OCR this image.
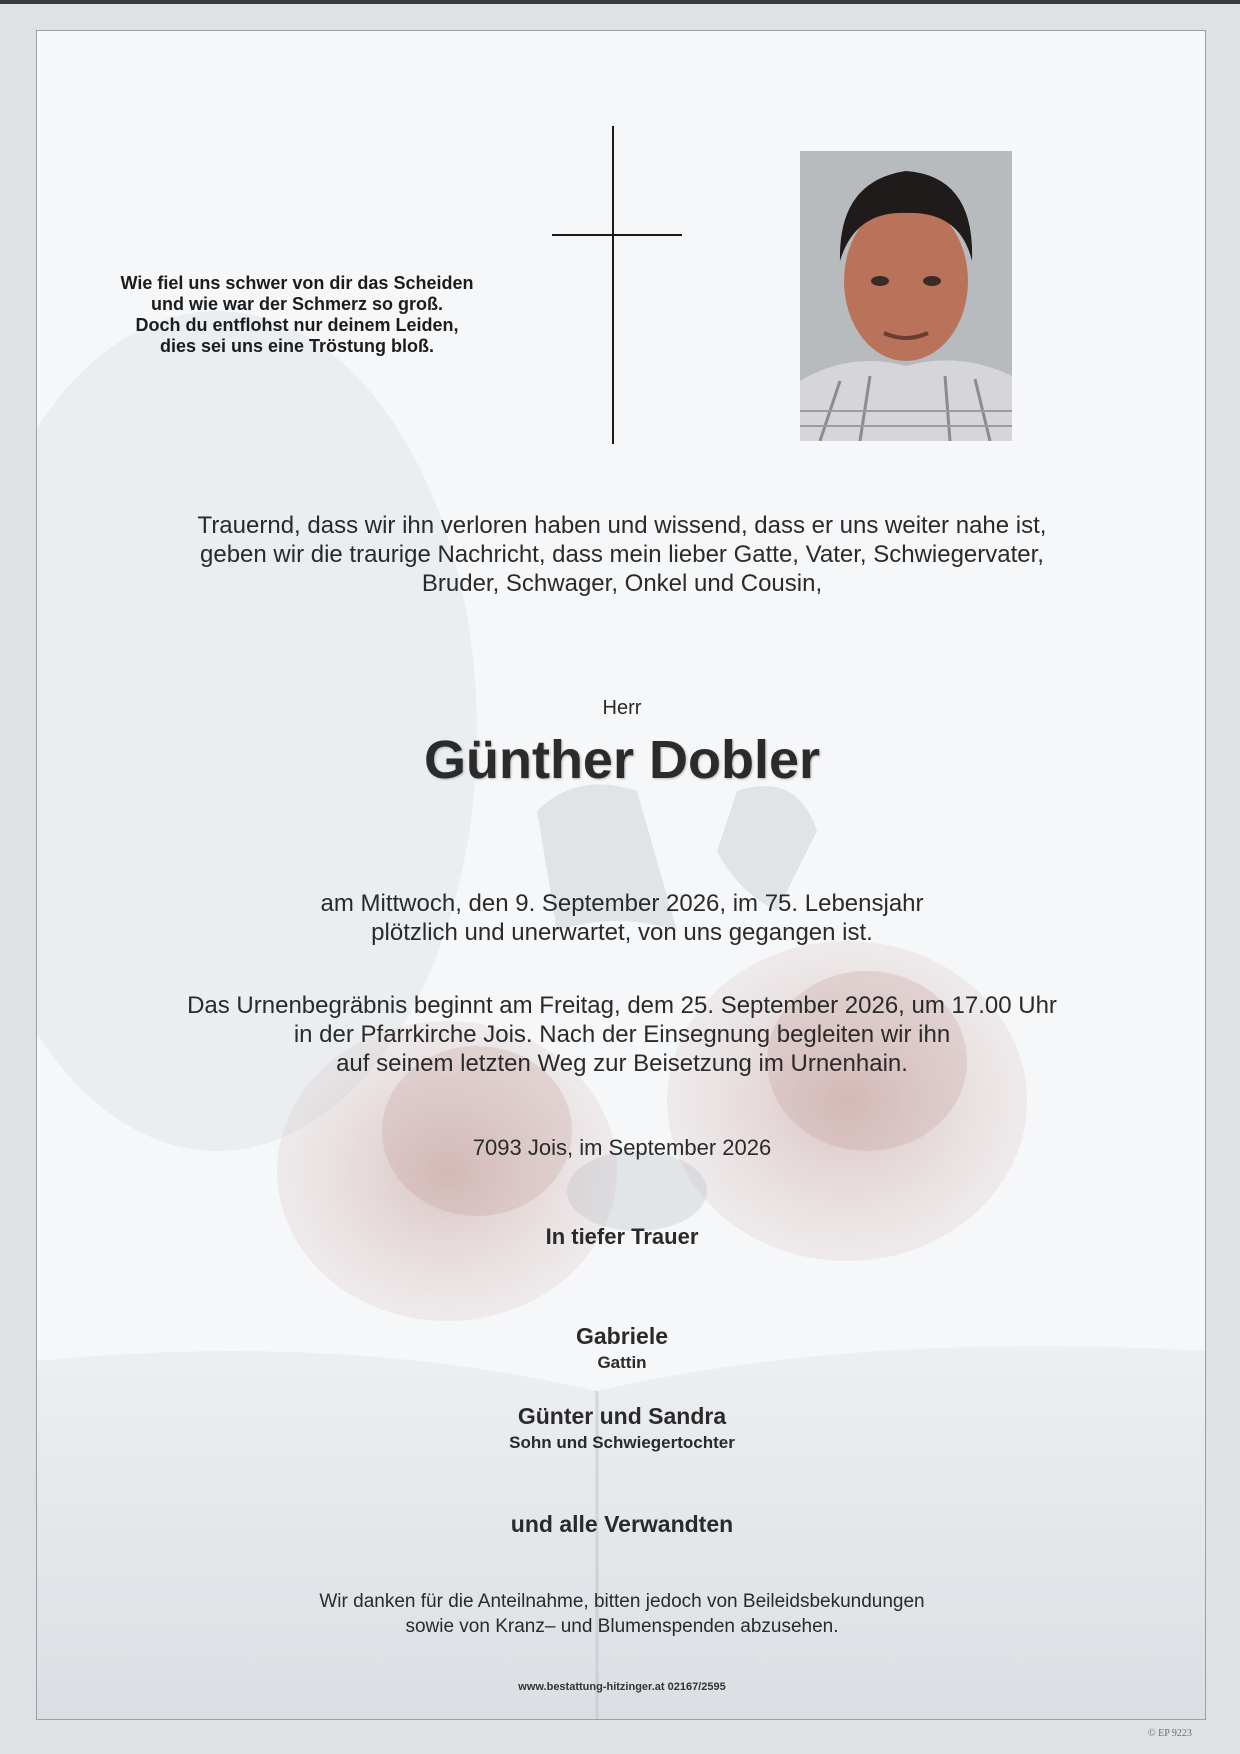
Wie fiel uns schwer von dir das Scheiden
und wie war der Schmerz so groß.
Doch du entflohst nur deinem Leiden,
dies sei uns eine Tröstung bloß.
Trauernd, dass wir ihn verloren haben und wissend, dass er uns weiter nahe ist,
geben wir die traurige Nachricht, dass mein lieber Gatte, Vater, Schwiegervater,
Bruder, Schwager, Onkel und Cousin,
Herr
Günther Dobler
am Mittwoch, den 9. September 2026, im 75. Lebensjahr
plötzlich und unerwartet, von uns gegangen ist.
Das Urnenbegräbnis beginnt am Freitag, dem 25. September 2026, um 17.00 Uhr
in der Pfarrkirche Jois. Nach der Einsegnung begleiten wir ihn
auf seinem letzten Weg zur Beisetzung im Urnenhain.
7093 Jois, im September 2026
In tiefer Trauer
Gabriele
Gattin
Günter und Sandra
Sohn und Schwiegertochter
und alle Verwandten
Wir danken für die Anteilnahme, bitten jedoch von Beileidsbekundungen
sowie von Kranz– und Blumenspenden abzusehen.
www.bestattung-hitzinger.at 02167/2595
© EP 9223
